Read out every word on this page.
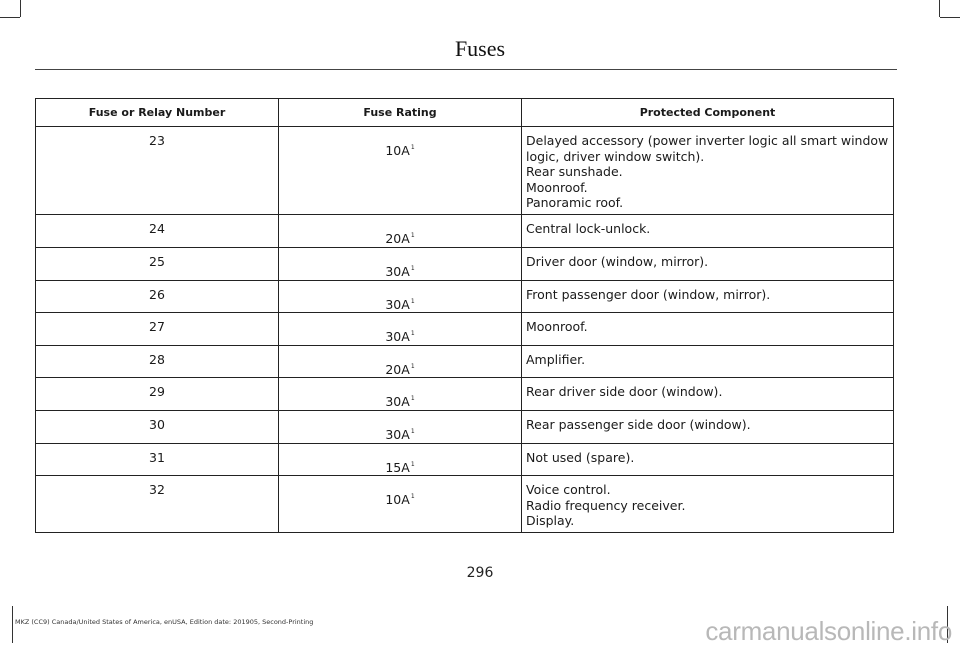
Fuses
Fuse or Relay Number	Fuse Rating	Protected Component
23	10A$^1$	Delayed accessory (power inverter logic all smart window
logic, driver window switch).
Rear sunshade.
Moonroof.
Panoramic roof.

24	20A$^1$	Central lock-unlock.

25	30A$^1$	Driver door (window, mirror).

26	30A$^1$	Front passenger door (window, mirror).

27	30A$^1$	Moonroof.

28	20A$^1$	Amplifier.

29	30A$^1$	Rear driver side door (window).

30	30A$^1$	Rear passenger side door (window).

31	15A$^1$	Not used (spare).

32	10A$^1$	Voice control.
Radio frequency receiver.
Display.
296
MKZ (CC9) Canada/United States of America, enUSA, Edition date: 201905, Second-Printing	carmanualsonline.info
